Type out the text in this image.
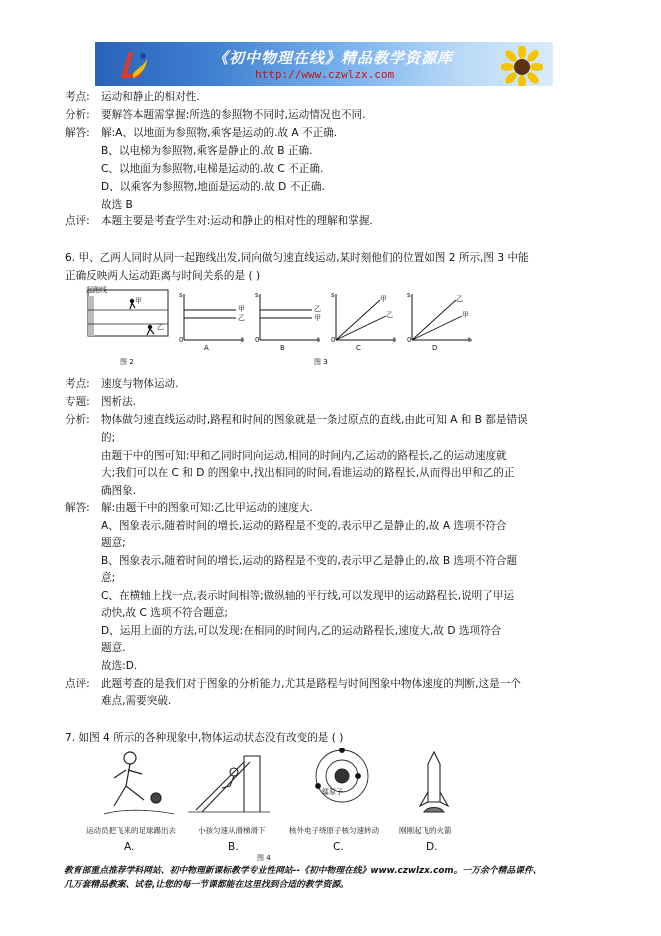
《初中物理在线》精品教学资源库
http://www.czwlzx.com
考点: 运动和静止的相对性.
分析: 要解答本题需掌握:所选的参照物不同时,运动情况也不同.
解答: 解:A、以地面为参照物,乘客是运动的.故 A 不正确.
B、以电梯为参照物,乘客是静止的.故 B 正确.
C、以地面为参照物,电梯是运动的.故 C 不正确.
D、以乘客为参照物,地面是运动的.故 D 不正确.
故选 B
点评: 本题主要是考查学生对:运动和静止的相对性的理解和掌握.
6. 甲、乙两人同时从同一起跑线出发,同向做匀速直线运动,某时刻他们的位置如图 2 所示,图 3 中能
正确反映两人运动距离与时间关系的是 ( )
起跑线
甲
乙
s
甲
乙
0	t
A
s
乙
甲
0	t
B
s	甲
乙
0	t
C
s	乙
甲
0	t
D
图 2	图 3
考点: 速度与物体运动.
专题: 图析法.
分析: 物体做匀速直线运动时,路程和时间的图象就是一条过原点的直线,由此可知 A 和 B 都是错误
的;
由题干中的图可知:甲和乙同时同向运动,相同的时间内,乙运动的路程长,乙的运动速度就
大;我们可以在 C 和 D 的图象中,找出相同的时间,看谁运动的路程长,从而得出甲和乙的正
确图象.
解答: 解:由题干中的图象可知:乙比甲运动的速度大.
A、图象表示,随着时间的增长,运动的路程是不变的,表示甲乙是静止的,故 A 选项不符合
题意;
B、图象表示,随着时间的增长,运动的路程是不变的,表示甲乙是静止的,故 B 选项不符合题
意;
C、在横轴上找一点,表示时间相等;做纵轴的平行线,可以发现甲的运动路程长,说明了甲运
动快,故 C 选项不符合题意;
D、运用上面的方法,可以发现:在相同的时间内,乙的运动路程长,速度大,故 D 选项符合
题意.
故选:D.
点评: 此题考查的是我们对于图象的分析能力,尤其是路程与时间图象中物体速度的判断,这是一个
难点,需要突破.
7. 如图 4 所示的各种现象中,物体运动状态没有改变的是 ( )
镭原子
运动员把飞来的足球踢出去	小孩匀速从滑梯滑下	核外电子绕原子核匀速转动	刚刚起飞的火箭
A.	B.	C.	D.
图 4
教育部重点推荐学科网站、初中物理新课标教学专业性网站--《初中物理在线》www.czwlzx.com。一万余个精品课件、
几万套精品教案、试卷,让您的每一节课都能在这里找到合适的教学资源。
